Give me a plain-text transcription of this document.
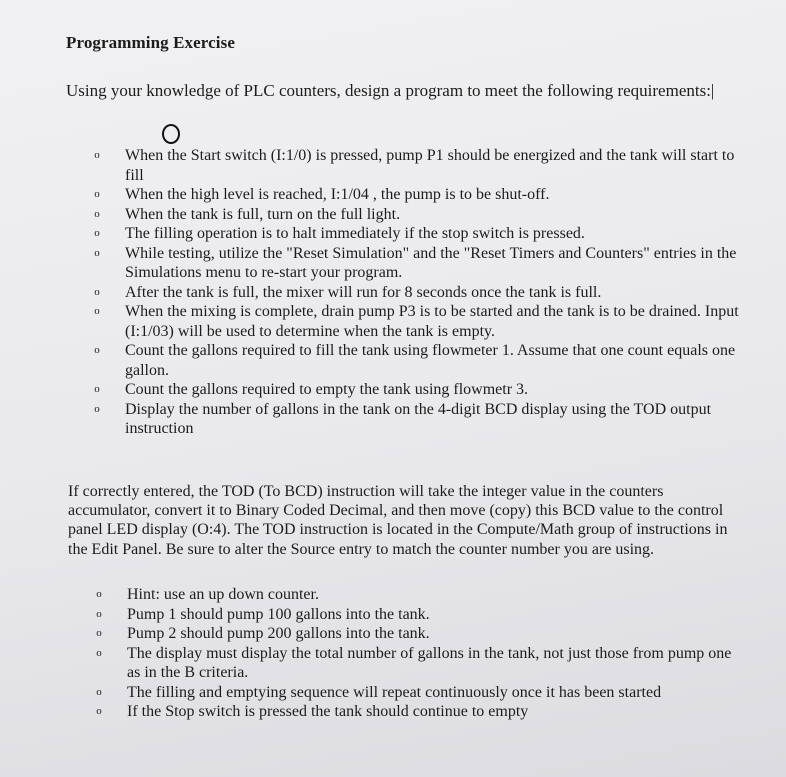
Programming Exercise
Using your knowledge of PLC counters, design a program to meet the following requirements:|
o When the Start switch (I:1/0) is pressed, pump P1 should be energized and the tank will start to fill
o When the high level is reached, I:1/04 , the pump is to be shut-off.
o When the tank is full, turn on the full light.
o The filling operation is to halt immediately if the stop switch is pressed.
o While testing, utilize the "Reset Simulation" and the "Reset Timers and Counters" entries in the Simulations menu to re-start your program.
o After the tank is full, the mixer will run for 8 seconds once the tank is full.
o When the mixing is complete, drain pump P3 is to be started and the tank is to be drained. Input (I:1/03) will be used to determine when the tank is empty.
o Count the gallons required to fill the tank using flowmeter 1. Assume that one count equals one gallon.
o Count the gallons required to empty the tank using flowmetr 3.
o Display the number of gallons in the tank on the 4-digit BCD display using the TOD output instruction
If correctly entered, the TOD (To BCD) instruction will take the integer value in the counters accumulator, convert it to Binary Coded Decimal, and then move (copy) this BCD value to the control panel LED display (O:4). The TOD instruction is located in the Compute/Math group of instructions in the Edit Panel. Be sure to alter the Source entry to match the counter number you are using.
o Hint: use an up down counter.
o Pump 1 should pump 100 gallons into the tank.
o Pump 2 should pump 200 gallons into the tank.
o The display must display the total number of gallons in the tank, not just those from pump one as in the B criteria.
o The filling and emptying sequence will repeat continuously once it has been started
o If the Stop switch is pressed the tank should continue to empty
